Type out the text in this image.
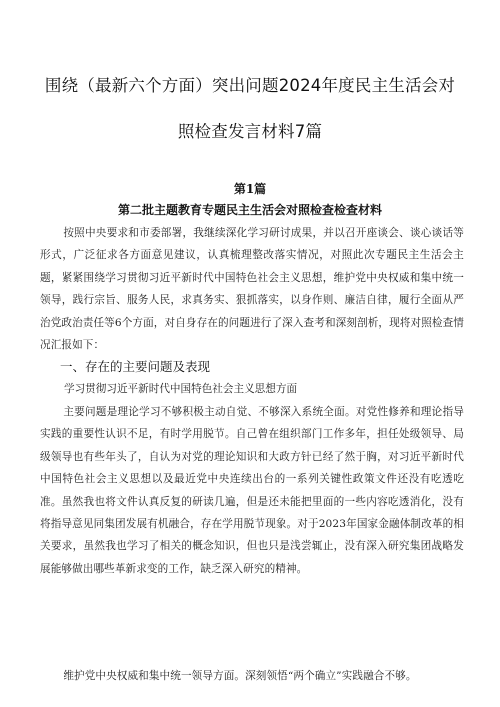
围绕（最新六个方面）突出问题2024年度民主生活会对
照检查发言材料7篇
第1篇
第二批主题教育专题民主生活会对照检查检查材料

按照中央要求和市委部署，我继续深化学习研讨成果，并以召开座谈会、谈心谈话等形式，广泛征求各方面意见建议，认真梳理整改落实情况，对照此次专题民主生活会主题，紧紧围绕学习贯彻习近平新时代中国特色社会主义思想，维护党中央权威和集中统一领导，践行宗旨、服务人民，求真务实、狠抓落实，以身作则、廉洁自律，履行全面从严治党政治责任等6个方面，对自身存在的问题进行了深入查考和深刻剖析，现将对照检查情况汇报如下：

一、存在的主要问题及表现
学习贯彻习近平新时代中国特色社会主义思想方面

主要问题是理论学习不够积极主动自觉、不够深入系统全面。对党性修养和理论指导实践的重要性认识不足，有时学用脱节。自己曾在组织部门工作多年，担任处级领导、局级领导也有些年头了，自认为对党的理论知识和大政方针已经了然于胸，对习近平新时代中国特色社会主义思想以及最近党中央连续出台的一系列关键性政策文件还没有吃透吃准。虽然我也将文件认真反复的研读几遍，但是还未能把里面的一些内容吃透消化，没有将指导意见同集团发展有机融合，存在学用脱节现象。对于2023年国家金融体制改革的相关要求，虽然我也学习了相关的概念知识，但也只是浅尝辄止，没有深入研究集团战略发展能够做出哪些革新求变的工作，缺乏深入研究的精神。

维护党中央权威和集中统一领导方面。深刻领悟“两个确立”实践融合不够。
